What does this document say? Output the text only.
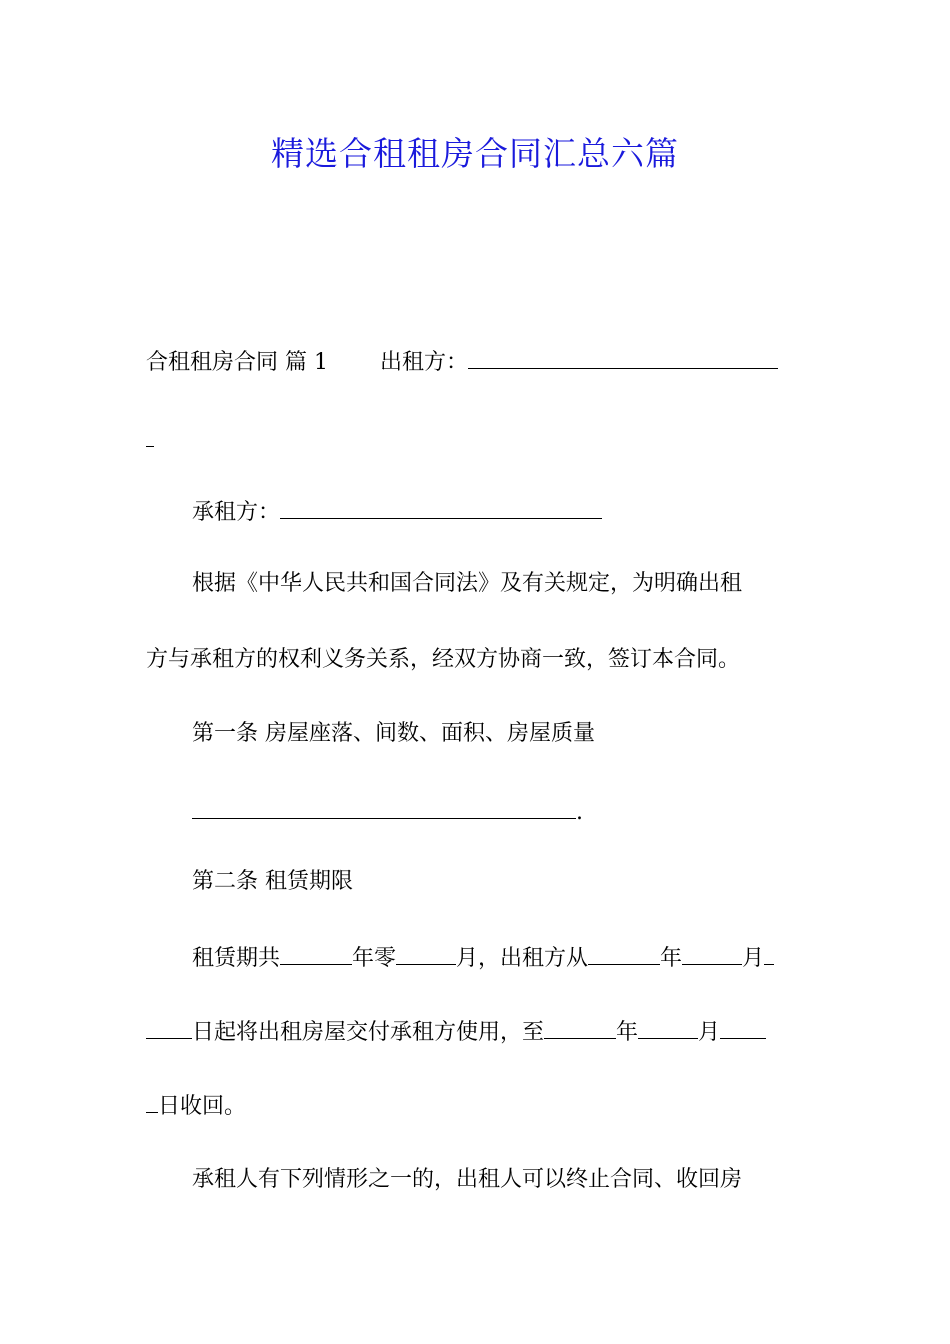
精选合租租房合同汇总六篇
合租租房合同 篇 1 出租方：
承租方：
根据《中华人民共和国合同法》及有关规定，为明确出租
方与承租方的权利义务关系，经双方协商一致，签订本合同。
第一条 房屋座落、间数、面积、房屋质量
.
第二条 租赁期限
租赁期共	年零	月，出租方从	年	月
日起将出租房屋交付承租方使用，至	年	月
日收回。
承租人有下列情形之一的，出租人可以终止合同、收回房
